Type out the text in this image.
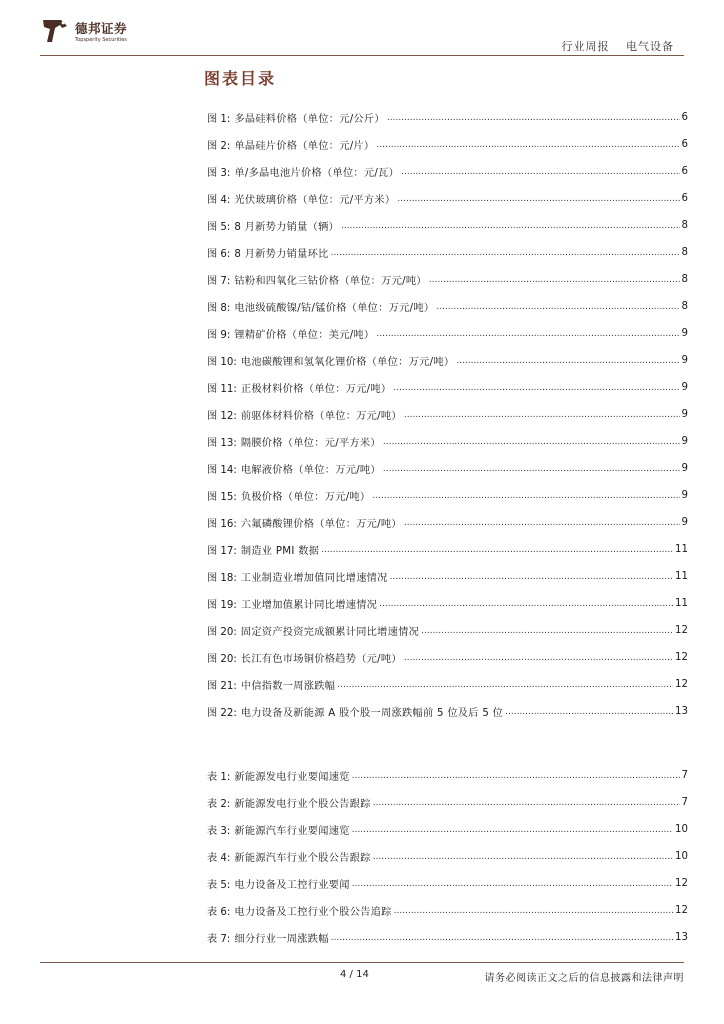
德邦证券
Topsperity Securities	行业周报 电气设备
图表目录
图 1: 多晶硅料价格（单位：元/公斤） .....	6
图 2: 单晶硅片价格（单位：元/片） .....	6
图 3: 单/多晶电池片价格（单位：元/瓦） .....	6
图 4: 光伏玻璃价格（单位：元/平方米） .....	6
图 5: 8 月新势力销量（辆） .....	8
图 6: 8 月新势力销量环比 .....	8
图 7: 钴粉和四氧化三钴价格（单位：万元/吨） .....	8
图 8: 电池级硫酸镍/钴/锰价格（单位：万元/吨） .....	8
图 9: 锂精矿价格（单位：美元/吨） .....	9
图 10: 电池碳酸锂和氢氧化锂价格（单位：万元/吨） .....	9
图 11: 正极材料价格（单位：万元/吨） .....	9
图 12: 前驱体材料价格（单位：万元/吨） .....	9
图 13: 隔膜价格（单位：元/平方米） .....	9
图 14: 电解液价格（单位：万元/吨） .....	9
图 15: 负极价格（单位：万元/吨） .....	9
图 16: 六氟磷酸锂价格（单位：万元/吨） .....	9
图 17: 制造业 PMI 数据 .....	11
图 18: 工业制造业增加值同比增速情况 .....	11
图 19: 工业增加值累计同比增速情况 .....	11
图 20: 固定资产投资完成额累计同比增速情况 .....	12
图 20: 长江有色市场铜价格趋势（元/吨） .....	12
图 21: 中信指数一周涨跌幅 .....	12
图 22: 电力设备及新能源 A 股个股一周涨跌幅前 5 位及后 5 位 .....	13
表 1: 新能源发电行业要闻速览 .....	7
表 2: 新能源发电行业个股公告跟踪 .....	7
表 3: 新能源汽车行业要闻速览 .....	10
表 4: 新能源汽车行业个股公告跟踪 .....	10
表 5: 电力设备及工控行业要闻 .....	12
表 6: 电力设备及工控行业个股公告追踪 .....	12
表 7: 细分行业一周涨跌幅 .....	13
4 / 14	请务必阅读正文之后的信息披露和法律声明
